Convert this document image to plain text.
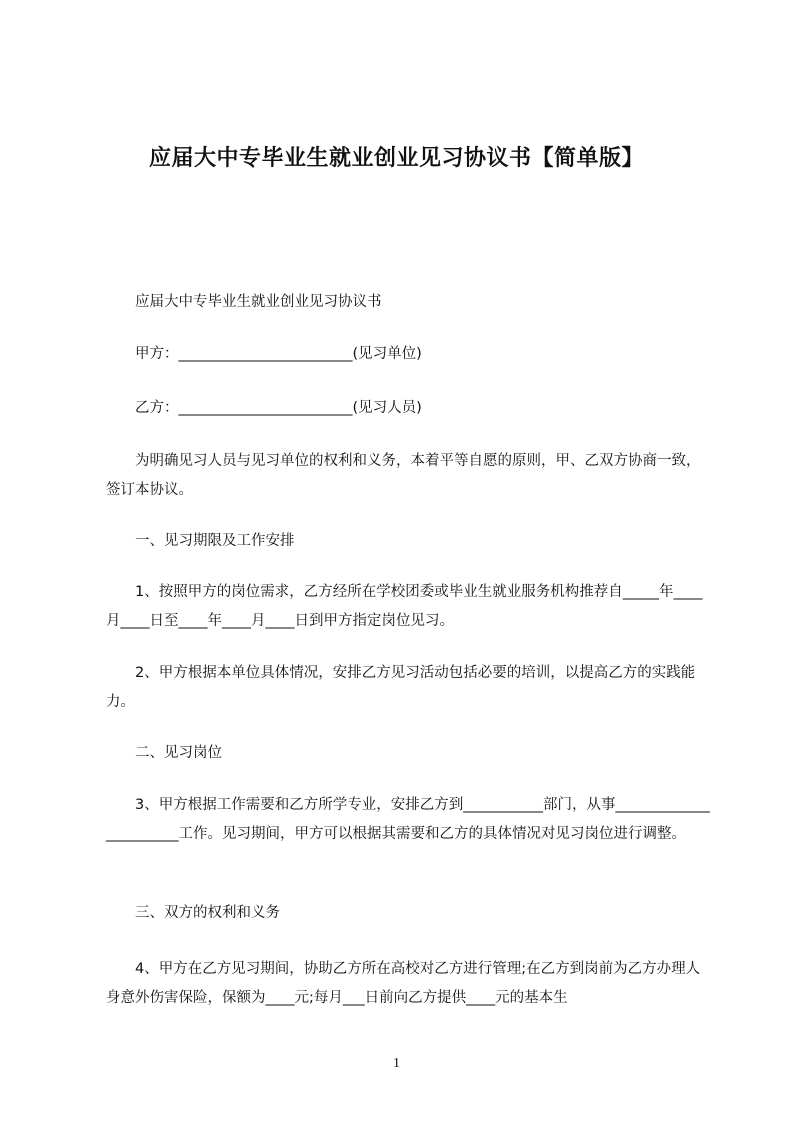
应届大中专毕业生就业创业见习协议书【简单版】

　　应届大中专毕业生就业创业见习协议书

　　甲方：________________________(见习单位)

　　乙方：________________________(见习人员)

　　为明确见习人员与见习单位的权利和义务，本着平等自愿的原则，甲、乙双方协商一致，签订本协议。

　　一、见习期限及工作安排

　　1、按照甲方的岗位需求，乙方经所在学校团委或毕业生就业服务机构推荐自_____年____月____日至____年____月____日到甲方指定岗位见习。

　　2、甲方根据本单位具体情况，安排乙方见习活动包括必要的培训，以提高乙方的实践能力。

　　二、见习岗位

　　3、甲方根据工作需要和乙方所学专业，安排乙方到___________部门，从事_______________________工作。见习期间，甲方可以根据其需要和乙方的具体情况对见习岗位进行调整。

　　三、双方的权利和义务

　　4、甲方在乙方见习期间，协助乙方所在高校对乙方进行管理;在乙方到岗前为乙方办理人身意外伤害保险，保额为____元;每月___日前向乙方提供____元的基本生

1
